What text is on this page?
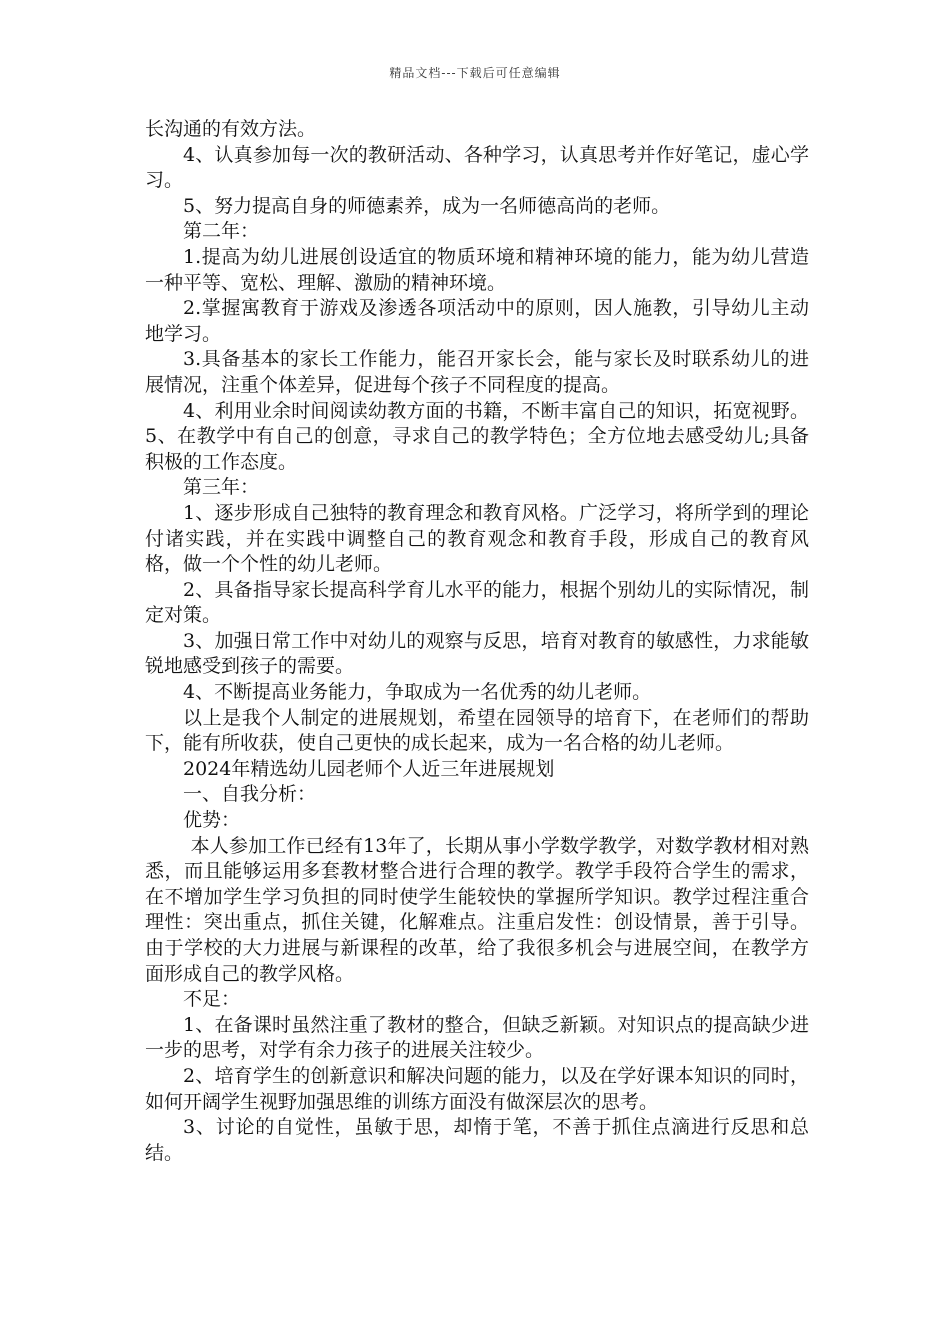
精品文档---下载后可任意编辑

长沟通的有效方法。

4、认真参加每一次的教研活动、各种学习，认真思考并作好笔记，虚心学习。

5、努力提高自身的师德素养，成为一名师德高尚的老师。

第二年：

1.提高为幼儿进展创设适宜的物质环境和精神环境的能力，能为幼儿营造一种平等、宽松、理解、激励的精神环境。

2.掌握寓教育于游戏及渗透各项活动中的原则，因人施教，引导幼儿主动地学习。

3.具备基本的家长工作能力，能召开家长会，能与家长及时联系幼儿的进展情况，注重个体差异，促进每个孩子不同程度的提高。

4、利用业余时间阅读幼教方面的书籍，不断丰富自己的知识，拓宽视野。5、在教学中有自己的创意，寻求自己的教学特色；全方位地去感受幼儿;具备积极的工作态度。

第三年：

1、逐步形成自己独特的教育理念和教育风格。广泛学习，将所学到的理论付诸实践，并在实践中调整自己的教育观念和教育手段，形成自己的教育风格，做一个个性的幼儿老师。

2、具备指导家长提高科学育儿水平的能力，根据个别幼儿的实际情况，制定对策。

3、加强日常工作中对幼儿的观察与反思，培育对教育的敏感性，力求能敏锐地感受到孩子的需要。

4、不断提高业务能力，争取成为一名优秀的幼儿老师。

以上是我个人制定的进展规划，希望在园领导的培育下，在老师们的帮助下，能有所收获，使自己更快的成长起来，成为一名合格的幼儿老师。

2024年精选幼儿园老师个人近三年进展规划

一、自我分析：

优势：

本人参加工作已经有13年了，长期从事小学数学教学，对数学教材相对熟悉，而且能够运用多套教材整合进行合理的教学。教学手段符合学生的需求，在不增加学生学习负担的同时使学生能较快的掌握所学知识。教学过程注重合理性：突出重点，抓住关键，化解难点。注重启发性：创设情景，善于引导。由于学校的大力进展与新课程的改革，给了我很多机会与进展空间，在教学方面形成自己的教学风格。

不足：

1、在备课时虽然注重了教材的整合，但缺乏新颖。对知识点的提高缺少进一步的思考，对学有余力孩子的进展关注较少。

2、培育学生的创新意识和解决问题的能力，以及在学好课本知识的同时，如何开阔学生视野加强思维的训练方面没有做深层次的思考。

3、讨论的自觉性，虽敏于思，却惰于笔，不善于抓住点滴进行反思和总结。
